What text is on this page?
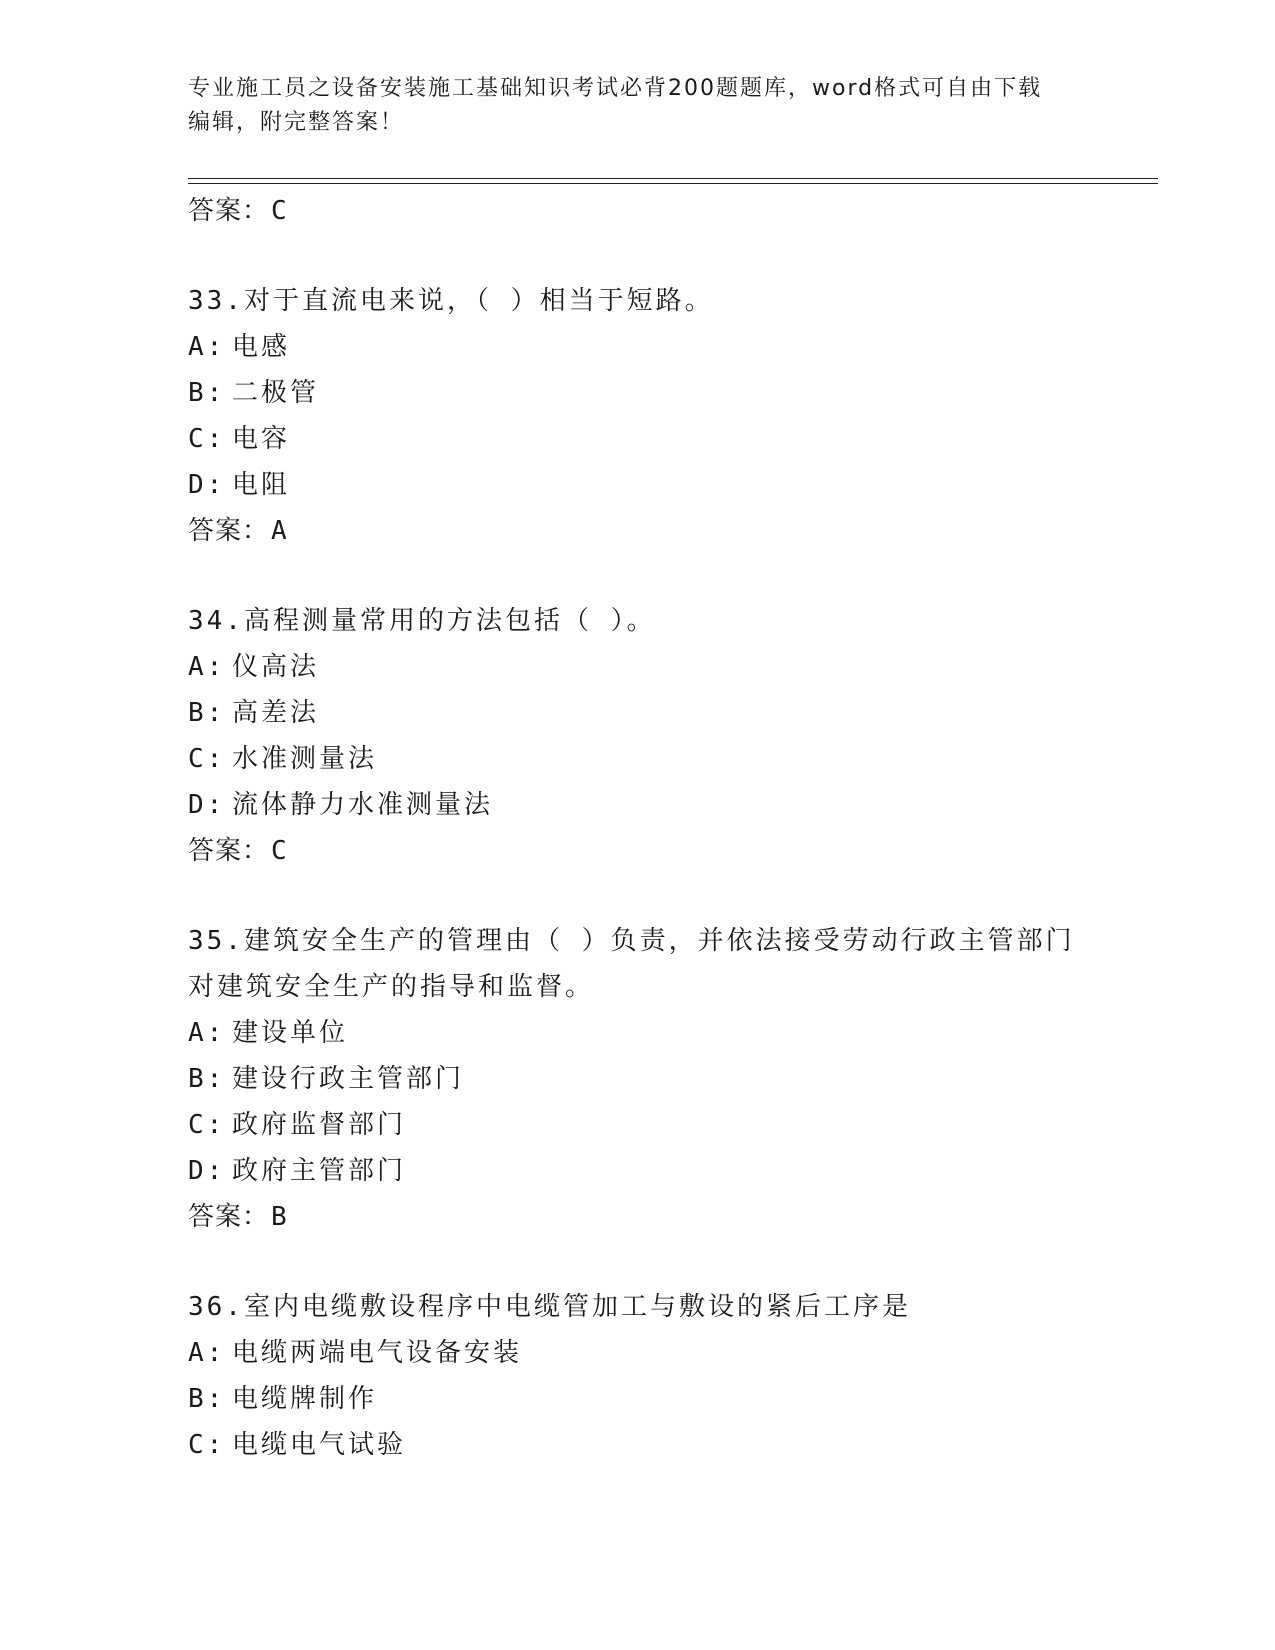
专业施工员之设备安装施工基础知识考试必背200题题库，word格式可自由下载
编辑，附完整答案！
答案：C
33.对于直流电来说，（ ）相当于短路。
A: 电感
B: 二极管
C: 电容
D: 电阻
答案：A
34.高程测量常用的方法包括（ ）。
A: 仪高法
B: 高差法
C: 水准测量法
D: 流体静力水准测量法
答案：C
35.建筑安全生产的管理由（ ）负责，并依法接受劳动行政主管部门
对建筑安全生产的指导和监督。
A: 建设单位
B: 建设行政主管部门
C: 政府监督部门
D: 政府主管部门
答案：B
36.室内电缆敷设程序中电缆管加工与敷设的紧后工序是
A: 电缆两端电气设备安装
B: 电缆牌制作
C: 电缆电气试验
